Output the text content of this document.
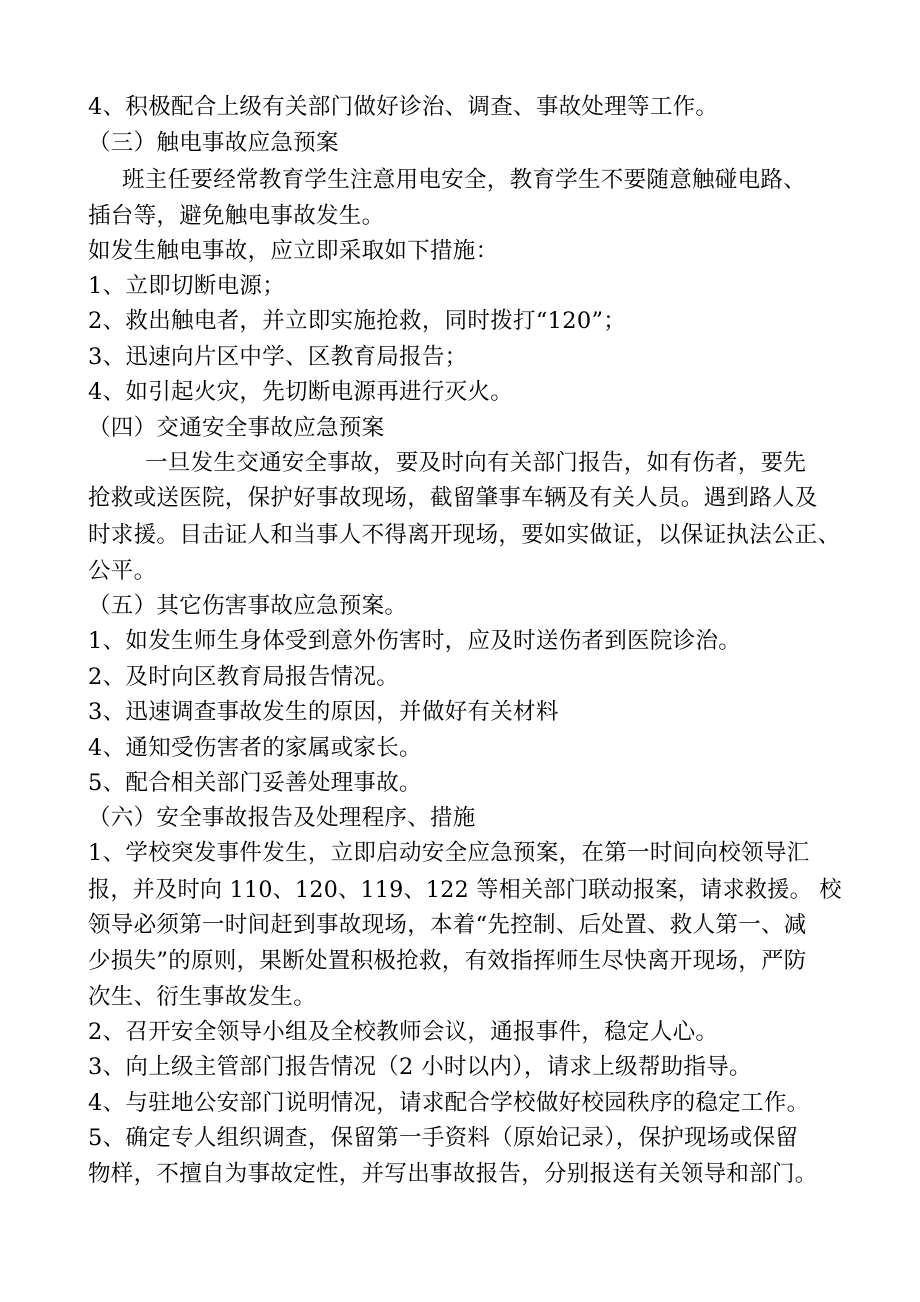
4、积极配合上级有关部门做好诊治、调查、事故处理等工作。
（三）触电事故应急预案
班主任要经常教育学生注意用电安全，教育学生不要随意触碰电路、
插台等，避免触电事故发生。
如发生触电事故，应立即采取如下措施：
1、立即切断电源；
2、救出触电者，并立即实施抢救，同时拨打“120”；
3、迅速向片区中学、区教育局报告；
4、如引起火灾，先切断电源再进行灭火。
（四）交通安全事故应急预案
一旦发生交通安全事故，要及时向有关部门报告，如有伤者，要先
抢救或送医院，保护好事故现场，截留肇事车辆及有关人员。遇到路人及
时求援。目击证人和当事人不得离开现场，要如实做证，以保证执法公正、
公平。
（五）其它伤害事故应急预案。
1、如发生师生身体受到意外伤害时，应及时送伤者到医院诊治。
2、及时向区教育局报告情况。
3、迅速调查事故发生的原因，并做好有关材料
4、通知受伤害者的家属或家长。
5、配合相关部门妥善处理事故。
（六）安全事故报告及处理程序、措施
1、学校突发事件发生，立即启动安全应急预案，在第一时间向校领导汇
报，并及时向 110、120、119、122 等相关部门联动报案，请求救援。 校
领导必须第一时间赶到事故现场，本着“先控制、后处置、救人第一、减
少损失”的原则，果断处置积极抢救，有效指挥师生尽快离开现场，严防
次生、衍生事故发生。
2、召开安全领导小组及全校教师会议，通报事件，稳定人心。
3、向上级主管部门报告情况（2 小时以内），请求上级帮助指导。
4、与驻地公安部门说明情况，请求配合学校做好校园秩序的稳定工作。
5、确定专人组织调查，保留第一手资料（原始记录），保护现场或保留
物样，不擅自为事故定性，并写出事故报告，分别报送有关领导和部门。
